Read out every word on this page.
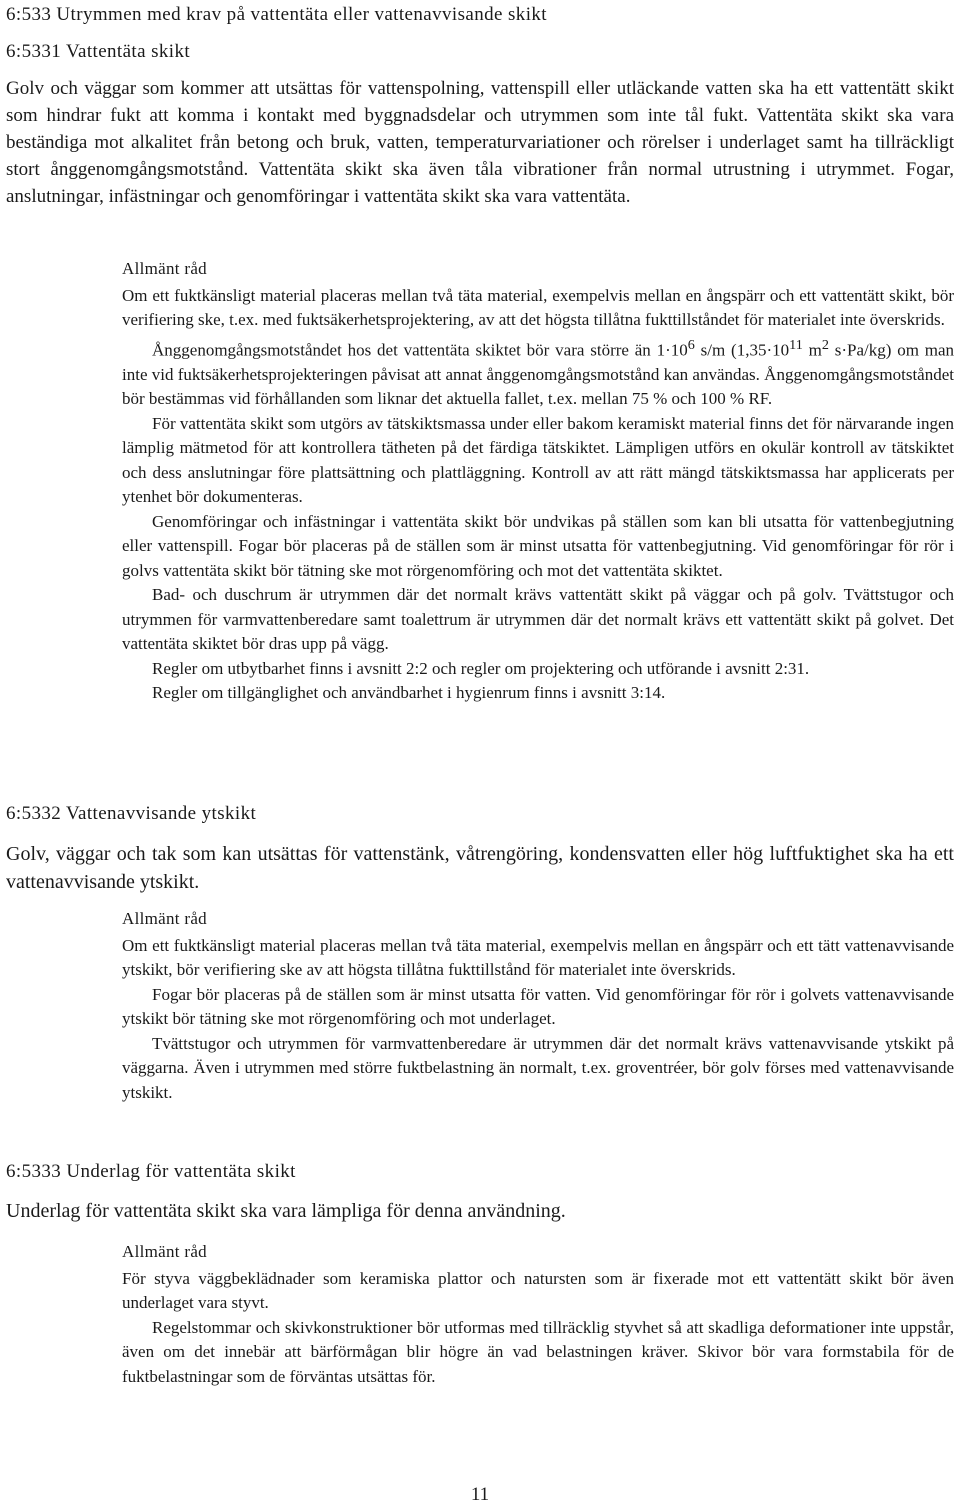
6:533 Utrymmen med krav på vattentäta eller vattenavvisande skikt
6:5331 Vattentäta skikt
Golv och väggar som kommer att utsättas för vattenspolning, vattenspill eller utläckande vatten ska ha ett vattentätt skikt som hindrar fukt att komma i kontakt med byggnadsdelar och utrymmen som inte tål fukt. Vattentäta skikt ska vara beständiga mot alkalitet från betong och bruk, vatten, temperaturvariationer och rörelser i underlaget samt ha tillräckligt stort ånggenomgångsmotstånd. Vattentäta skikt ska även tåla vibrationer från normal utrustning i utrymmet. Fogar, anslutningar, infästningar och genomföringar i vattentäta skikt ska vara vattentäta.
Allmänt råd

Om ett fuktkänsligt material placeras mellan två täta material, exempelvis mellan en ångspärr och ett vattentätt skikt, bör verifiering ske, t.ex. med fuktsäkerhetsprojektering, av att det högsta tillåtna fukttillståndet för materialet inte överskrids.

Ånggenomgångsmotståndet hos det vattentäta skiktet bör vara större än $1\cdot 10^6$ s/m ($1,35\cdot 10^{11}$ $m^2$ s·Pa/kg) om man inte vid fuktsäkerhetsprojekteringen påvisat att annat ånggenomgångsmotstånd kan användas. Ånggenomgångsmotståndet bör bestämmas vid förhållanden som liknar det aktuella fallet, t.ex. mellan 75 % och 100 % RF.

För vattentäta skikt som utgörs av tätskiktsmassa under eller bakom keramiskt material finns det för närvarande ingen lämplig mätmetod för att kontrollera tätheten på det färdiga tätskiktet. Lämpligen utförs en okulär kontroll av tätskiktet och dess anslutningar före plattsättning och plattläggning. Kontroll av att rätt mängd tätskiktsmassa har applicerats per ytenhet bör dokumenteras.

Genomföringar och infästningar i vattentäta skikt bör undvikas på ställen som kan bli utsatta för vattenbegjutning eller vattenspill. Fogar bör placeras på de ställen som är minst utsatta för vattenbegjutning. Vid genomföringar för rör i golvs vattentäta skikt bör tätning ske mot rörgenomföring och mot det vattentäta skiktet.

Bad- och duschrum är utrymmen där det normalt krävs vattentätt skikt på väggar och på golv. Tvättstugor och utrymmen för varmvattenberedare samt toalettrum är utrymmen där det normalt krävs ett vattentätt skikt på golvet. Det vattentäta skiktet bör dras upp på vägg.

Regler om utbytbarhet finns i avsnitt 2:2 och regler om projektering och utförande i avsnitt 2:31.

Regler om tillgänglighet och användbarhet i hygienrum finns i avsnitt 3:14.

6:5332 Vattenavvisande ytskikt
Golv, väggar och tak som kan utsättas för vattenstänk, våtrengöring, kondensvatten eller hög luftfuktighet ska ha ett vattenavvisande ytskikt.
Allmänt råd

Om ett fuktkänsligt material placeras mellan två täta material, exempelvis mellan en ångspärr och ett tätt vattenavvisande ytskikt, bör verifiering ske av att högsta tillåtna fukttillstånd för materialet inte överskrids.

Fogar bör placeras på de ställen som är minst utsatta för vatten. Vid genomföringar för rör i golvets vattenavvisande ytskikt bör tätning ske mot rörgenomföring och mot underlaget.

Tvättstugor och utrymmen för varmvattenberedare är utrymmen där det normalt krävs vattenavvisande ytskikt på väggarna. Även i utrymmen med större fuktbelastning än normalt, t.ex. groventréer, bör golv förses med vattenavvisande ytskikt.

6:5333 Underlag för vattentäta skikt
Underlag för vattentäta skikt ska vara lämpliga för denna användning.
Allmänt råd

För styva väggbeklädnader som keramiska plattor och natursten som är fixerade mot ett vattentätt skikt bör även underlaget vara styvt.

Regelstommar och skivkonstruktioner bör utformas med tillräcklig styvhet så att skadliga deformationer inte uppstår, även om det innebär att bärförmågan blir högre än vad belastningen kräver. Skivor bör vara formstabila för de fuktbelastningar som de förväntas utsättas för.

11
